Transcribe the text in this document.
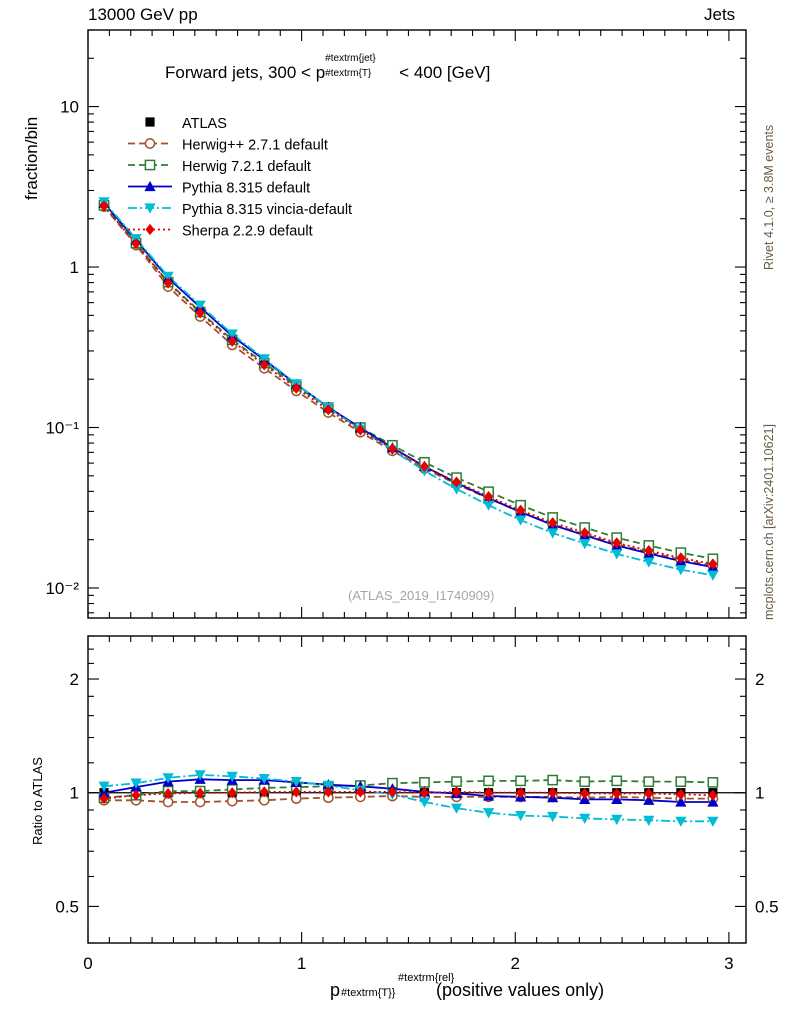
10
1
10⁻¹
10⁻²
0	1	2	3
2	2
1	1
0.5	0.5
ATLAS
Herwig++ 2.7.1 default
Herwig 7.2.1 default
Pythia 8.315 default
Pythia 8.315 vincia-default
Sherpa 2.2.9 default
13000 GeV pp	Jets
fraction/bin
Ratio to ATLAS
Rivet 4.1.0, ≥ 3.8M events
mcplots.cern.ch [arXiv:2401.10621]
Forward jets, 300 < p #textrm{T}
#textrm{jet}
< 400 [GeV]
(ATLAS_2019_I1740909)
p #textrm{T}}
#textrm{rel}
(positive values only)
